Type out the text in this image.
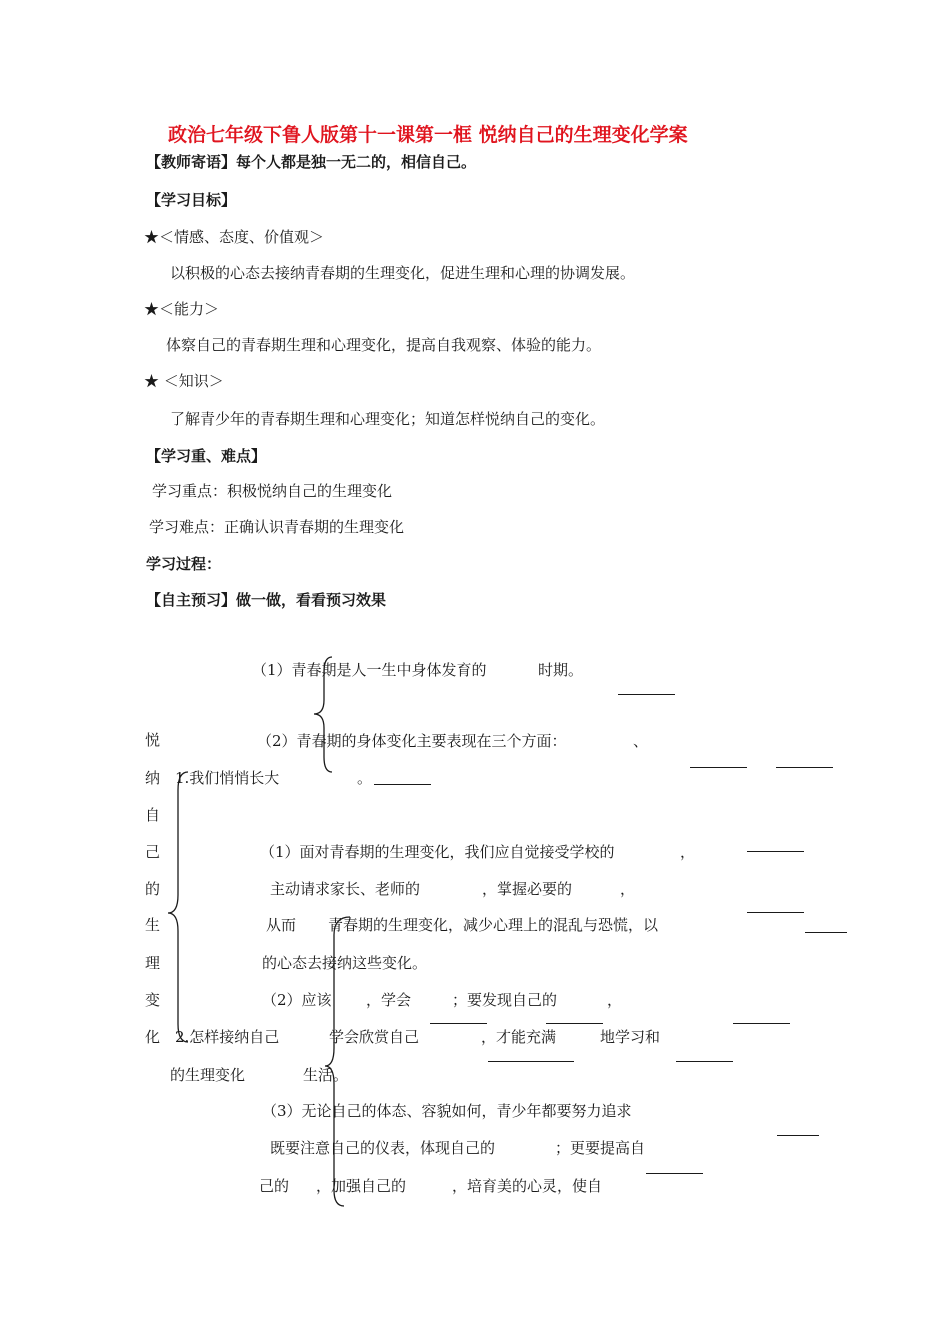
政治七年级下鲁人版第十一课第一框 悦纳自己的生理变化学案
【教师寄语】每个人都是独一无二的，相信自己。
【学习目标】
★＜情感、态度、价值观＞
以积极的心态去接纳青春期的生理变化，促进生理和心理的协调发展。
★＜能力＞
体察自己的青春期生理和心理变化，提高自我观察、体验的能力。
★ ＜知识＞
了解青少年的青春期生理和心理变化；知道怎样悦纳自己的变化。
【学习重、难点】
学习重点：积极悦纳自己的生理变化
学习难点：正确认识青春期的生理变化
学习过程：
【自主预习】做一做，看看预习效果
悦
纳
自
己
的
生
理
变
化
（1）青春期是人一生中身体发育的	时期。
（2）青春期的身体变化主要表现在三个方面：	、
1.我们悄悄长大	。
2.怎样接纳自己
的生理变化
（1）面对青春期的生理变化，我们应自觉接受学校的	，
主动请求家长、老师的	，掌握必要的	，
从而 青春期的生理变化，减少心理上的混乱与恐慌，以
的心态去接纳这些变化。
（2）应该 ，学会	；要发现自己的	，
学会欣赏自己	，才能充满	地学习和
生活。
（3）无论自己的体态、容貌如何，青少年都要努力追求
既要注意自己的仪表，体现自己的	；更要提高自
己的 ，加强自己的	，培育美的心灵，使自
